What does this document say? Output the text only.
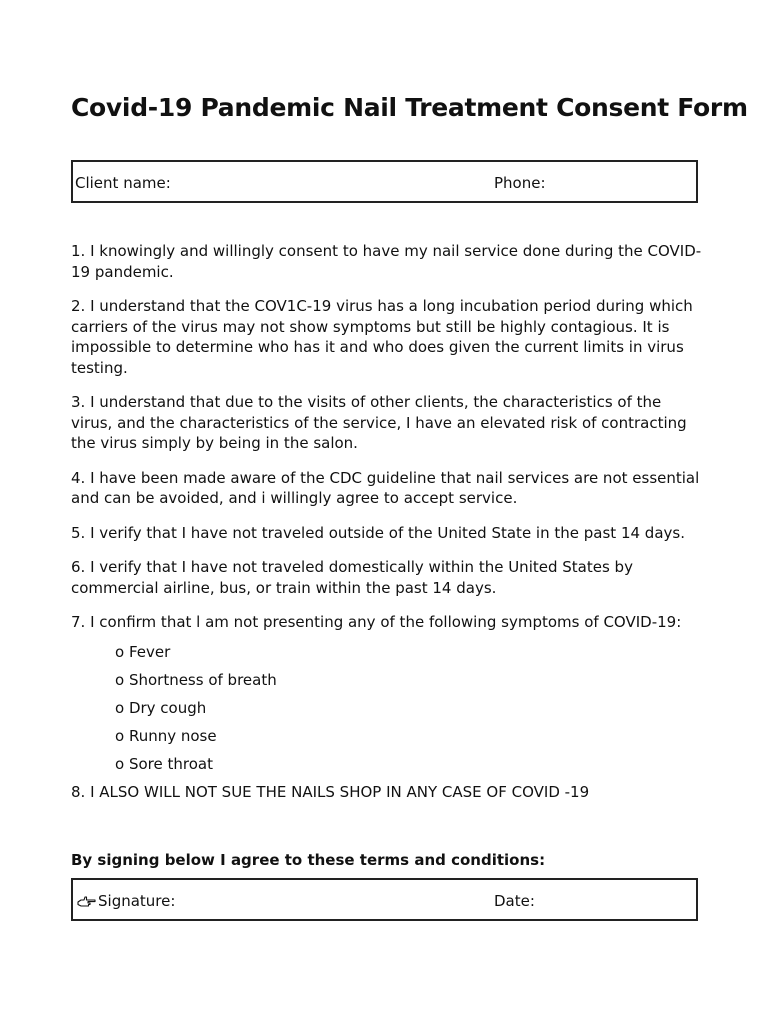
Covid-19 Pandemic Nail Treatment Consent Form
Client name:	Phone:

1. I knowingly and willingly consent to have my nail service done during the COVID-19 pandemic.

2. I understand that the COV1C-19 virus has a long incubation period during which carriers of the virus may not show symptoms but still be highly contagious. It is impossible to determine who has it and who does given the current limits in virus testing.

3. I understand that due to the visits of other clients, the characteristics of the virus, and the characteristics of the service, I have an elevated risk of contracting the virus simply by being in the salon.

4. I have been made aware of the CDC guideline that nail services are not essential and can be avoided, and i willingly agree to accept service.

5. I verify that I have not traveled outside of the United State in the past 14 days.

6. I verify that I have not traveled domestically within the United States by commercial airline, bus, or train within the past 14 days.

7. I confirm that l am not presenting any of the following symptoms of COVID-19:

o Fever
o Shortness of breath
o Dry cough
o Runny nose
o Sore throat

8. I ALSO WILL NOT SUE THE NAILS SHOP IN ANY CASE OF COVID -19

By signing below I agree to these terms and conditions:
Signature:	Date:
